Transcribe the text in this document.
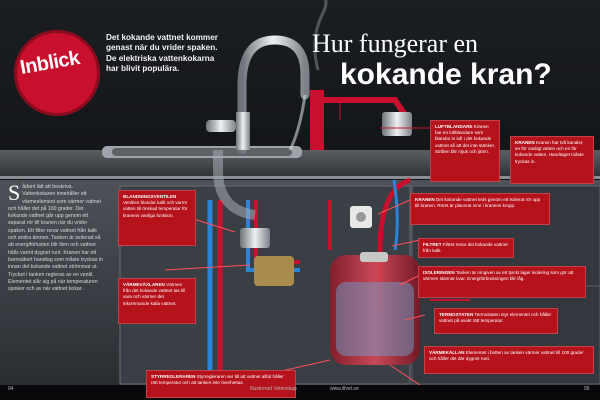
Inblick
Det kokande vattnet kommer genast när du vrider spaken. De elektriska vattenkokarna har blivit populära.
Hur fungerar en
kokande kran?
Sådant lätt att beskriva. Vattenkokaren innehåller ett värmeelement som värmer vattnet och håller det på 100 grader. Det kokande vattnet går upp genom ett separat rör till kranen när du vrider spaken. Ett filter renar vattnet från kalk och andra ämnen. Tanken är isolerad så att energiförlusten blir liten och vattnet hålls varmt dygnet runt. Kranen har ett barnsäkert handtag som måste tryckas in innan det kokande vattnet strömmar ut. Trycket i tanken regleras av en ventil. Elementet slår sig på när temperaturen sjunker och av när vattnet kokar.
LUFTBLANDARE Kranen har en luftblandare som blandar in luft i det kokande vattnet så att det inte stänker. Strålen blir mjuk och jämn.
KRANEN Kranen har två kanaler, en för vanligt vatten och en för kokande vatten. Handtaget måste tryckas in.
BLANDNINGSVENTILEN Ventilen blandar kallt och varmt vatten till önskad temperatur för kranens vanliga funktion.
VÄRMEVÄXLAREN Värmen från det kokande vattnet tas till vara och värmer det inkommande kalla vattnet.
KRANEN Det kokande vattnet leds genom ett isolerat rör upp till kranen. Röret är placerat inne i kranens kropp.
FILTRET Filtret renar det kokande vattnet från kalk.
ISOLERINGEN Tanken är omgiven av ett tjockt lager isolering som gör att värmen stannar kvar. Energiförbrukningen blir låg.
TERMOSTATEN Termostaten styr elementet och håller vattnet på exakt rätt temperatur.
STYRREGLERAREN Styrregleraren ser till att vattnet alltid håller rätt temperatur och att tanken inte överhettas.
VÄRMEKÄLLAN Elementet i botten av tanken värmer vattnet till 100 grader och håller det där dygnet runt.
94	Illustrerad Vetenskap	www.illvet.se	95
